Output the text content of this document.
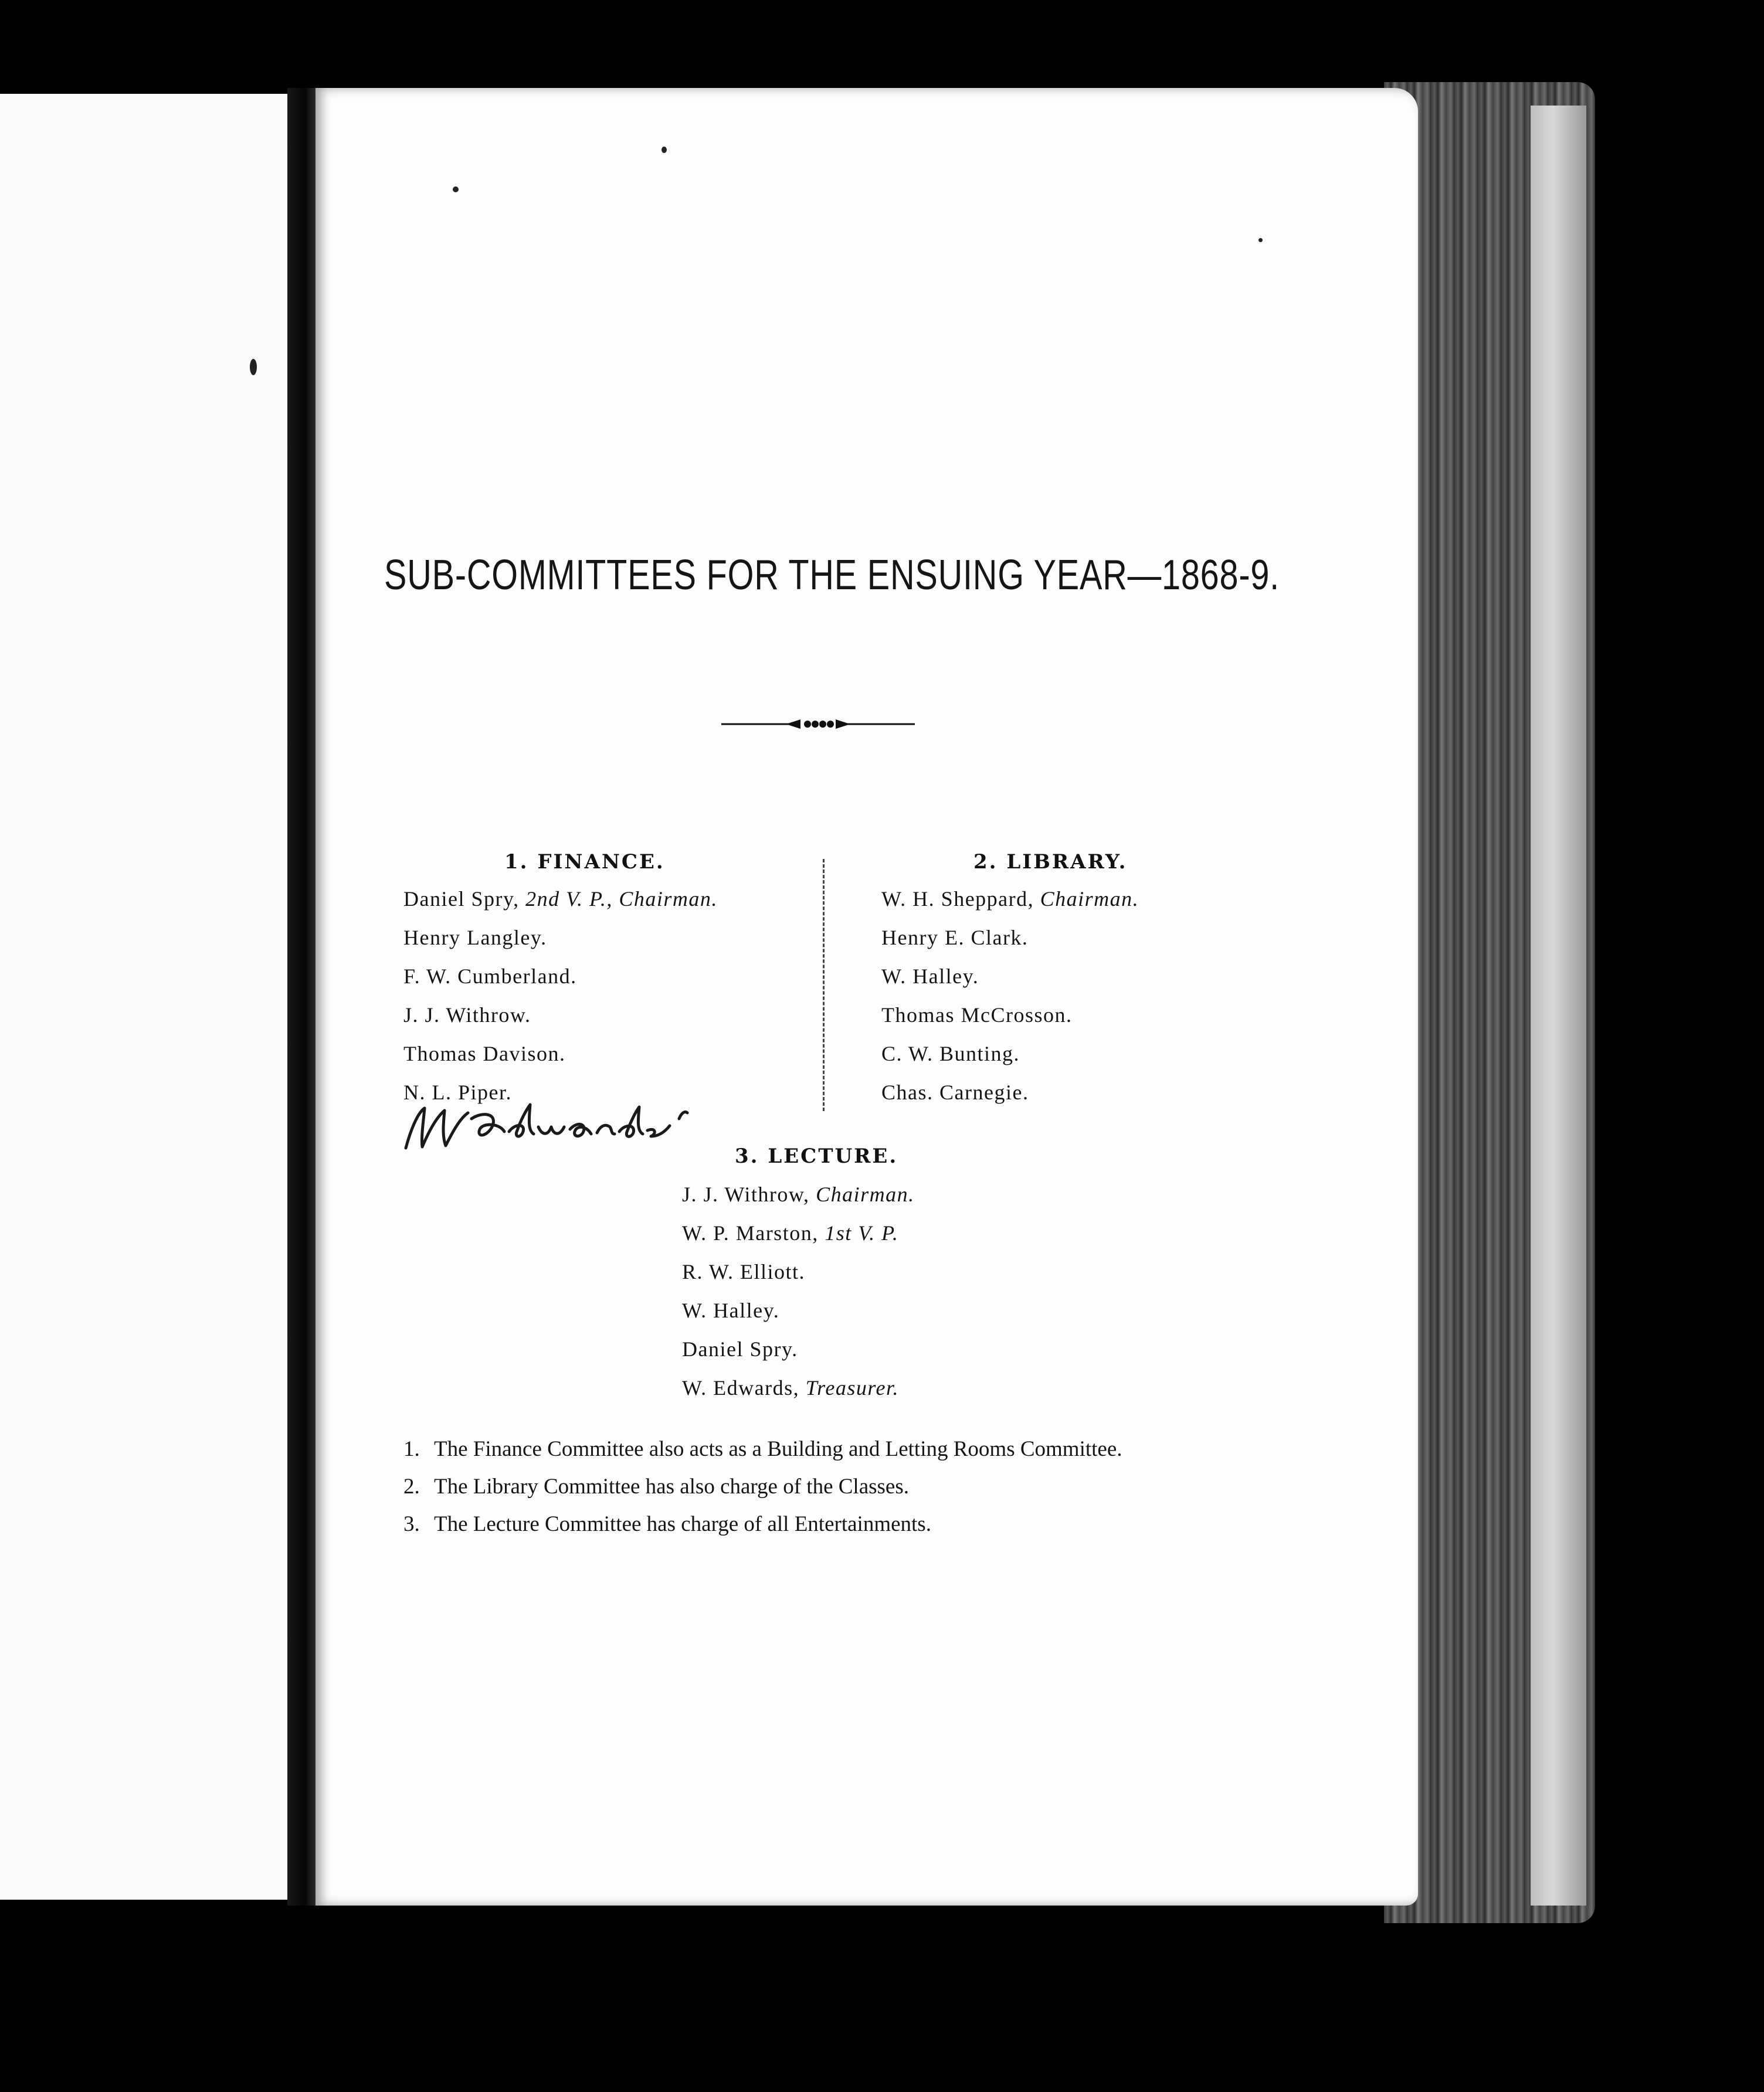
SUB-COMMITTEES FOR THE ENSUING YEAR—1868-9.
1. FINANCE.
Daniel Spry, 2nd V. P., Chairman.
Henry Langley.
F. W. Cumberland.
J. J. Withrow.
Thomas Davison.
N. L. Piper.
2. LIBRARY.
W. H. Sheppard, Chairman.
Henry E. Clark.
W. Halley.
Thomas McCrosson.
C. W. Bunting.
Chas. Carnegie.
3. LECTURE.
J. J. Withrow, Chairman.
W. P. Marston, 1st V. P.
R. W. Elliott.
W. Halley.
Daniel Spry.
W. Edwards, Treasurer.
1. The Finance Committee also acts as a Building and Letting Rooms Committee.
2. The Library Committee has also charge of the Classes.
3. The Lecture Committee has charge of all Entertainments.
